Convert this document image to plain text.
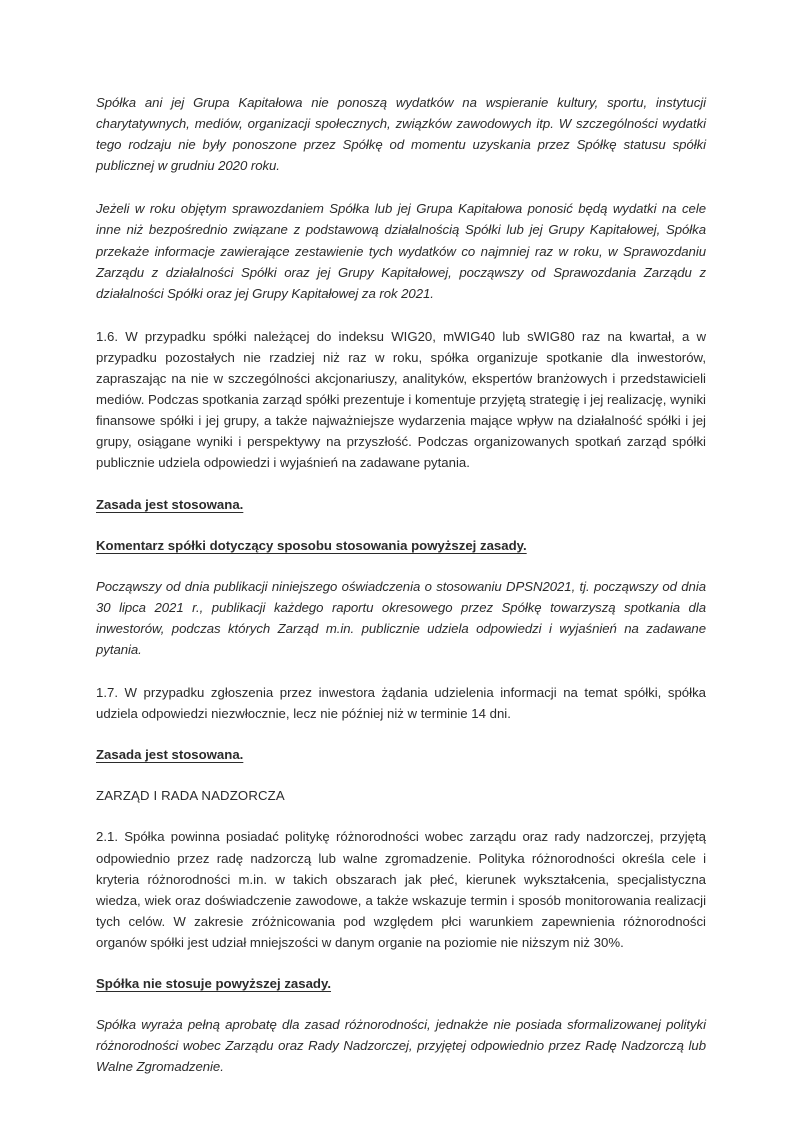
Spółka ani jej Grupa Kapitałowa nie ponoszą wydatków na wspieranie kultury, sportu, instytucji charytatywnych, mediów, organizacji społecznych, związków zawodowych itp. W szczególności wydatki tego rodzaju nie były ponoszone przez Spółkę od momentu uzyskania przez Spółkę statusu spółki publicznej w grudniu 2020 roku.

Jeżeli w roku objętym sprawozdaniem Spółka lub jej Grupa Kapitałowa ponosić będą wydatki na cele inne niż bezpośrednio związane z podstawową działalnością Spółki lub jej Grupy Kapitałowej, Spółka przekaże informacje zawierające zestawienie tych wydatków co najmniej raz w roku, w Sprawozdaniu Zarządu z działalności Spółki oraz jej Grupy Kapitałowej, począwszy od Sprawozdania Zarządu z działalności Spółki oraz jej Grupy Kapitałowej za rok 2021.

1.6. W przypadku spółki należącej do indeksu WIG20, mWIG40 lub sWIG80 raz na kwartał, a w przypadku pozostałych nie rzadziej niż raz w roku, spółka organizuje spotkanie dla inwestorów, zapraszając na nie w szczególności akcjonariuszy, analityków, ekspertów branżowych i przedstawicieli mediów. Podczas spotkania zarząd spółki prezentuje i komentuje przyjętą strategię i jej realizację, wyniki finansowe spółki i jej grupy, a także najważniejsze wydarzenia mające wpływ na działalność spółki i jej grupy, osiągane wyniki i perspektywy na przyszłość. Podczas organizowanych spotkań zarząd spółki publicznie udziela odpowiedzi i wyjaśnień na zadawane pytania.

Zasada jest stosowana.

Komentarz spółki dotyczący sposobu stosowania powyższej zasady.

Począwszy od dnia publikacji niniejszego oświadczenia o stosowaniu DPSN2021, tj. począwszy od dnia 30 lipca 2021 r., publikacji każdego raportu okresowego przez Spółkę towarzyszą spotkania dla inwestorów, podczas których Zarząd m.in. publicznie udziela odpowiedzi i wyjaśnień na zadawane pytania.

1.7. W przypadku zgłoszenia przez inwestora żądania udzielenia informacji na temat spółki, spółka udziela odpowiedzi niezwłocznie, lecz nie później niż w terminie 14 dni.

Zasada jest stosowana.

ZARZĄD I RADA NADZORCZA

2.1. Spółka powinna posiadać politykę różnorodności wobec zarządu oraz rady nadzorczej, przyjętą odpowiednio przez radę nadzorczą lub walne zgromadzenie. Polityka różnorodności określa cele i kryteria różnorodności m.in. w takich obszarach jak płeć, kierunek wykształcenia, specjalistyczna wiedza, wiek oraz doświadczenie zawodowe, a także wskazuje termin i sposób monitorowania realizacji tych celów. W zakresie zróżnicowania pod względem płci warunkiem zapewnienia różnorodności organów spółki jest udział mniejszości w danym organie na poziomie nie niższym niż 30%.

Spółka nie stosuje powyższej zasady.

Spółka wyraża pełną aprobatę dla zasad różnorodności, jednakże nie posiada sformalizowanej polityki różnorodności wobec Zarządu oraz Rady Nadzorczej, przyjętej odpowiednio przez Radę Nadzorczą lub Walne Zgromadzenie.
